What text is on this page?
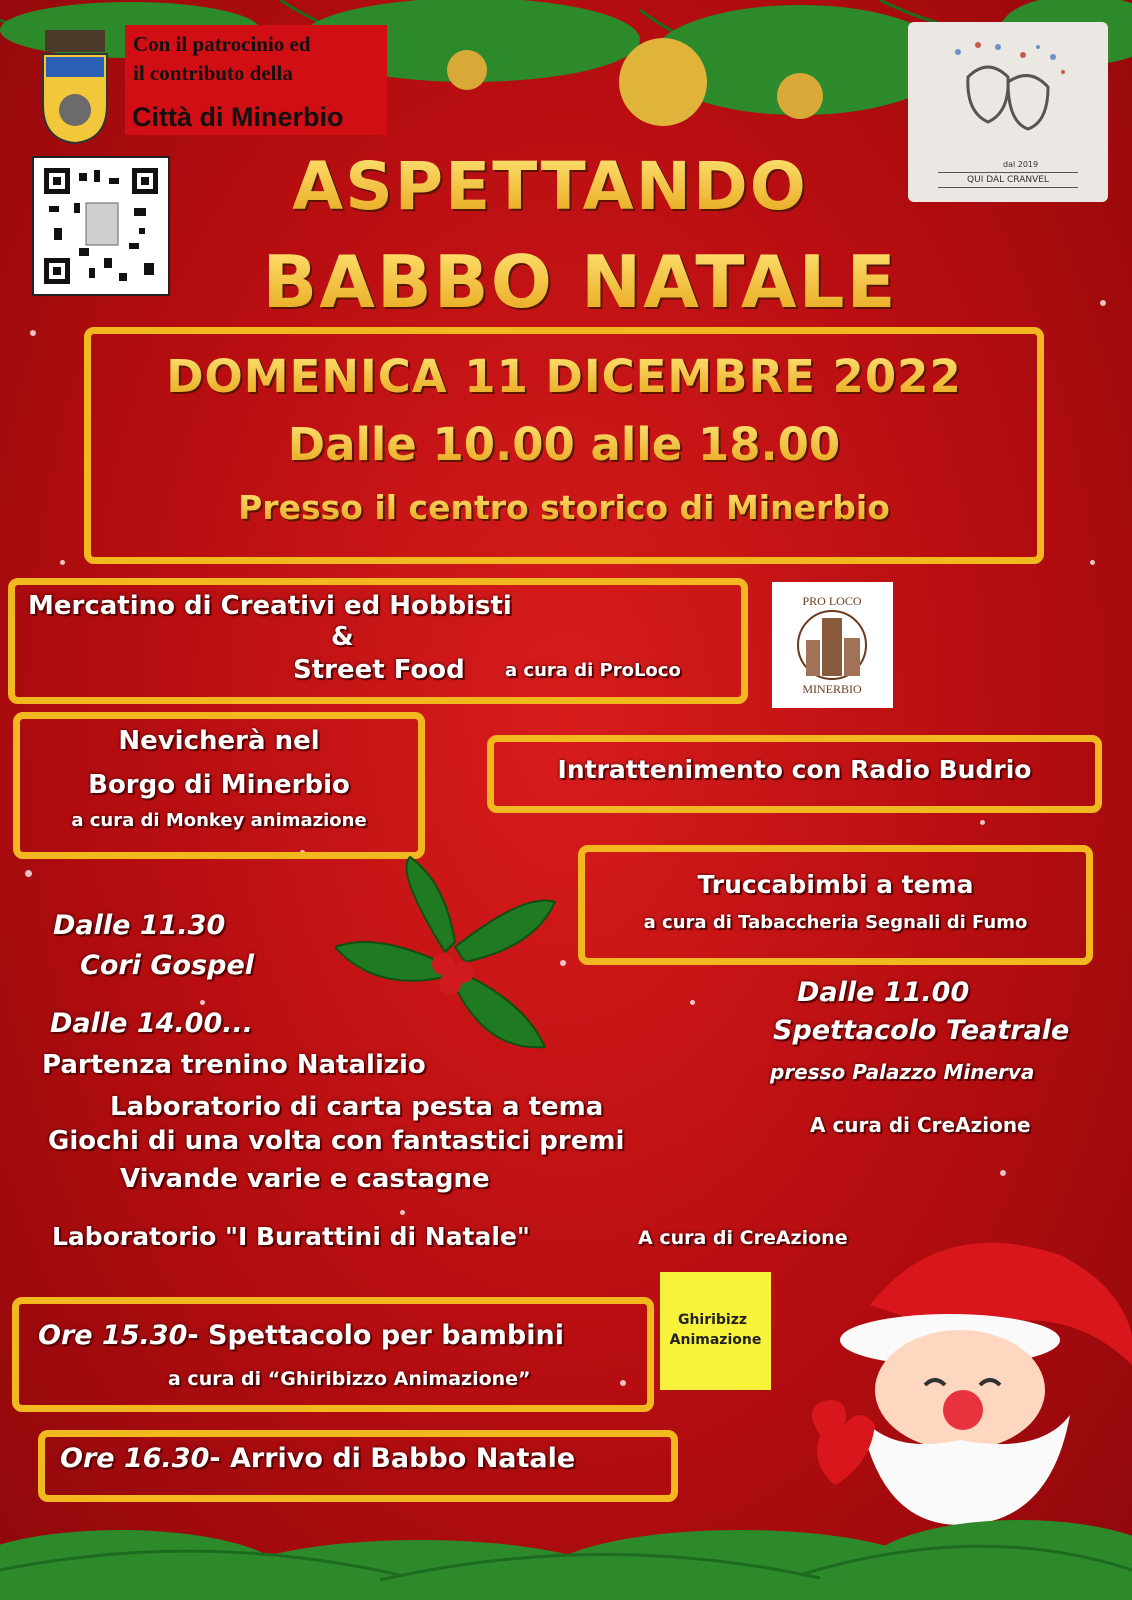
Con il patrocinio ed
il contributo della
Città di Minerbio
dal 2019
QUI DAL CRANVEL
ASPETTANDO
BABBO NATALE
DOMENICA 11 DICEMBRE 2022
Dalle 10.00 alle 18.00
Presso il centro storico di Minerbio
Mercatino di Creativi ed Hobbisti
&
Street Food a cura di ProLoco
PRO LOCO
MINERBIO
Nevicherà nel
Borgo di Minerbio
a cura di Monkey animazione
Intrattenimento con Radio Budrio
Truccabimbi a tema
a cura di Tabaccheria Segnali di Fumo
Dalle 11.30
Cori Gospel
Dalle 11.00
Spettacolo Teatrale
presso Palazzo Minerva
A cura di CreAzione
Dalle 14.00...
Partenza trenino Natalizio
Laboratorio di carta pesta a tema
Giochi di una volta con fantastici premi
Vivande varie e castagne
Laboratorio "I Burattini di Natale"	A cura di CreAzione
Ghiribizz
Animazione
Ore 15.30- Spettacolo per bambini
a cura di “Ghiribizzo Animazione”
Ore 16.30- Arrivo di Babbo Natale
